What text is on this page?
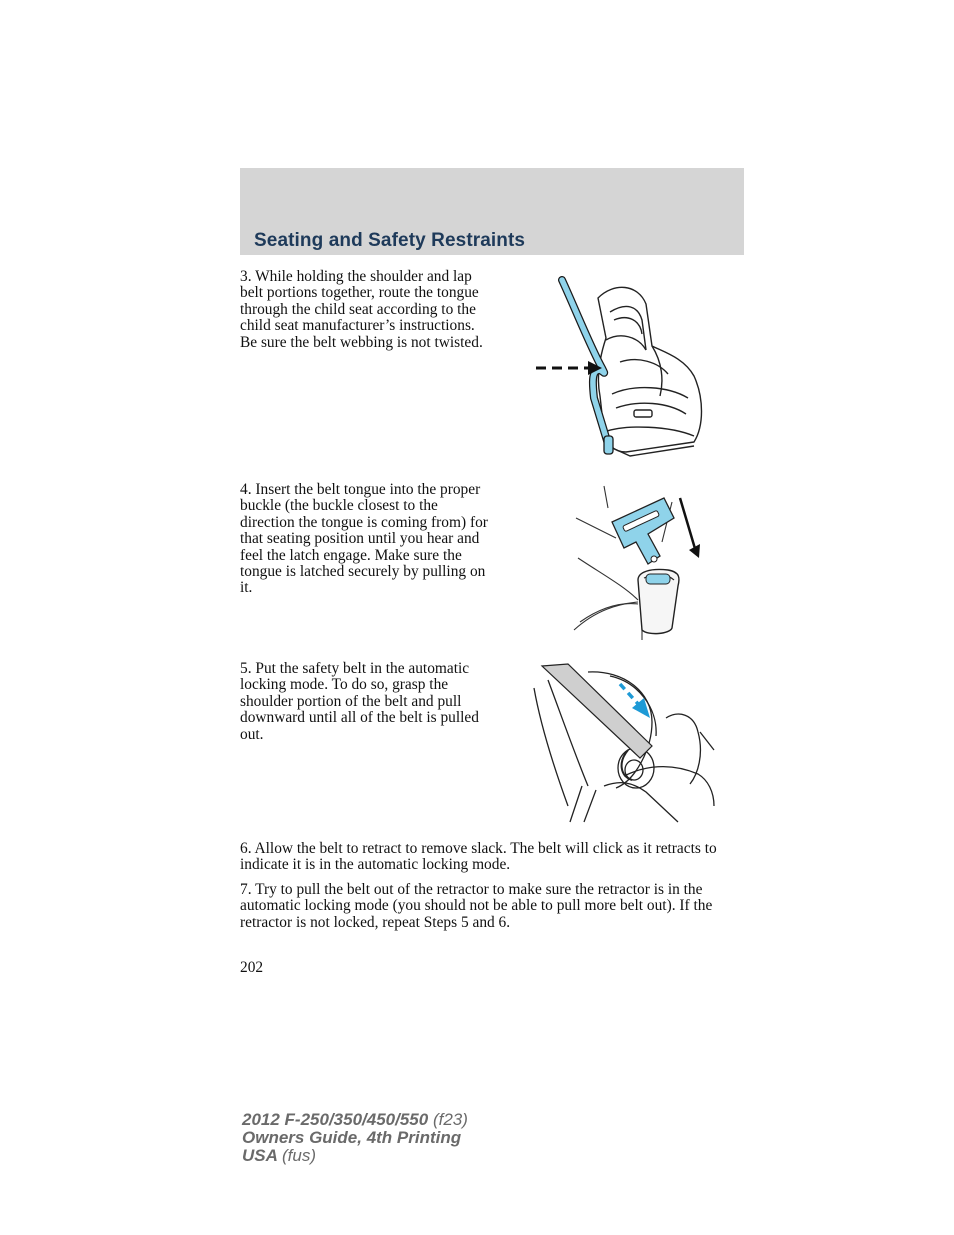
Seating and Safety Restraints

3. While holding the shoulder and lap belt portions together, route the tongue through the child seat according to the child seat manufacturer’s instructions. Be sure the belt webbing is not twisted.

4. Insert the belt tongue into the proper buckle (the buckle closest to the direction the tongue is coming from) for that seating position until you hear and feel the latch engage. Make sure the tongue is latched securely by pulling on it.

5. Put the safety belt in the automatic locking mode. To do so, grasp the shoulder portion of the belt and pull downward until all of the belt is pulled out.

6. Allow the belt to retract to remove slack. The belt will click as it retracts to indicate it is in the automatic locking mode.

7. Try to pull the belt out of the retractor to make sure the retractor is in the automatic locking mode (you should not be able to pull more belt out). If the retractor is not locked, repeat Steps 5 and 6.

202

2012 F-250/350/450/550 (f23)
Owners Guide, 4th Printing
USA (fus)
